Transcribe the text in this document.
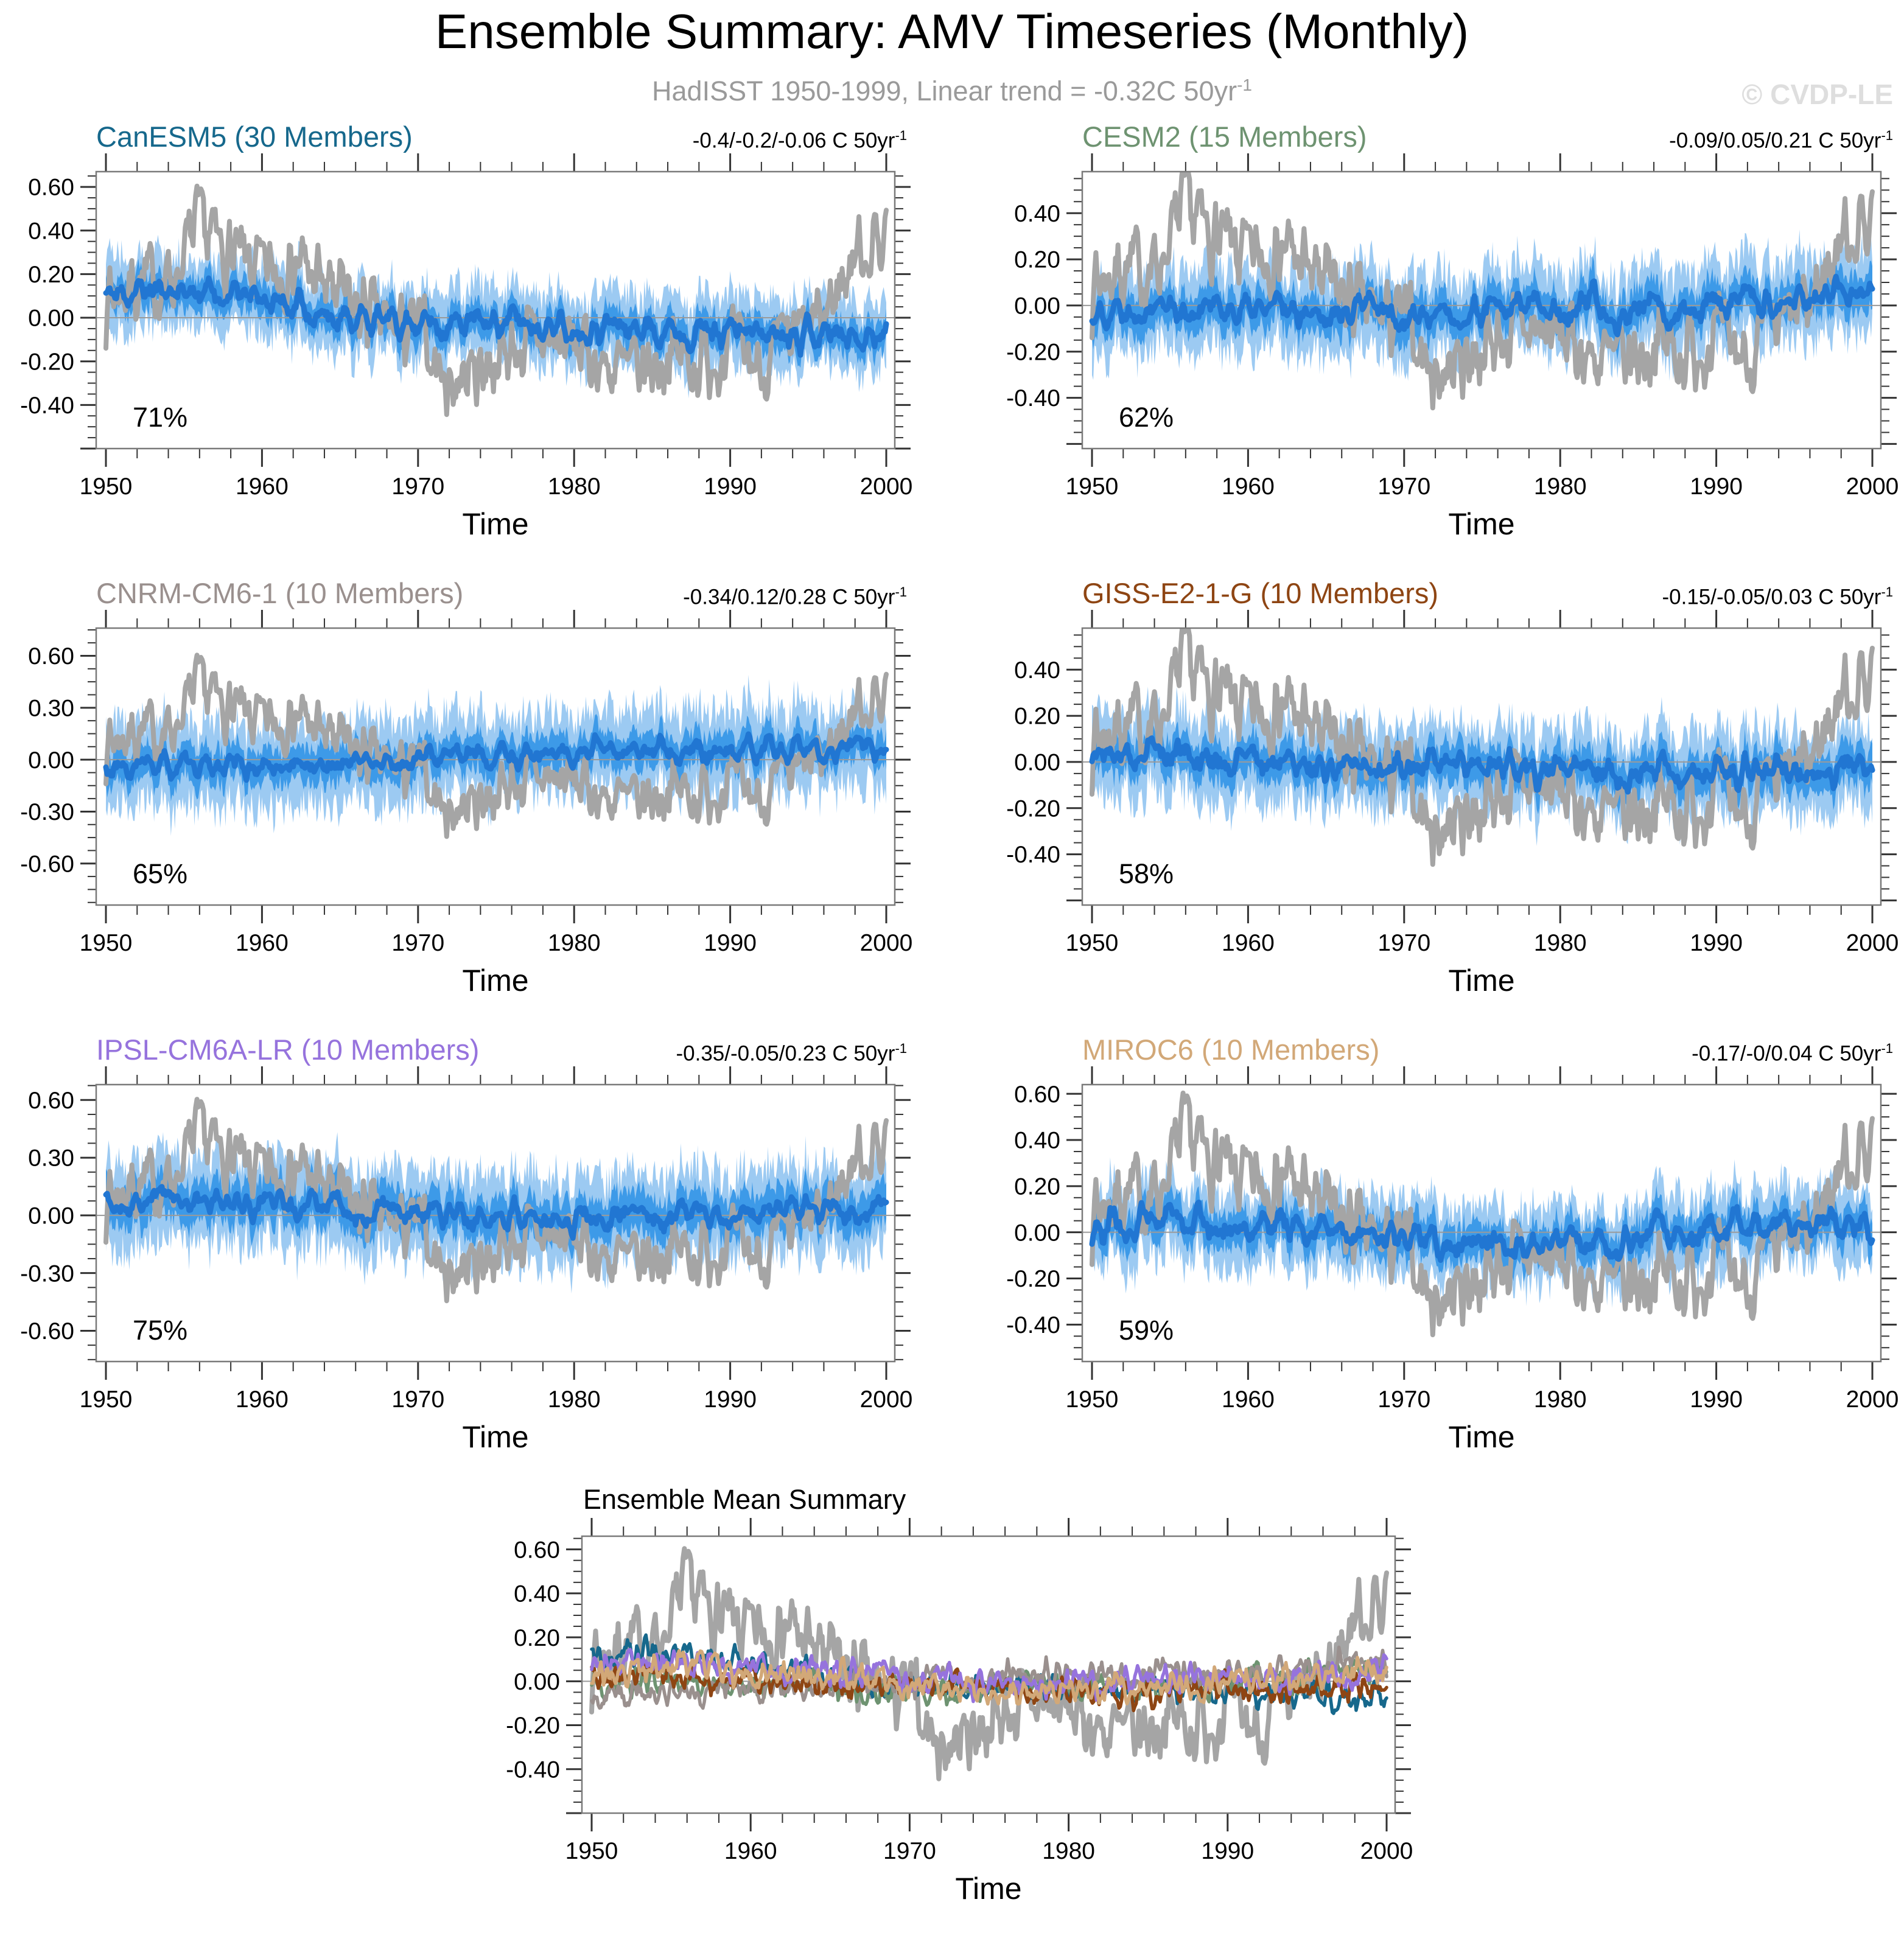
Ensemble Summary: AMV Timeseries (Monthly)
HadISST 1950-1999, Linear trend = -0.32C $50yr^{-1}$	© CVDP-LE
CanESM5 (30 Members)	-0.4/-0.2/-0.06 C $50yr^{-1}$
0.60
0.40
0.20
0.00
-0.20
-0.40
1950	1960	1970	1980	1990	2000
71%
Time
CESM2 (15 Members)	-0.09/0.05/0.21 C $50yr^{-1}$
0.40
0.20
0.00
-0.20
-0.40
1950	1960	1970	1980	1990	2000
62%
Time
CNRM-CM6-1 (10 Members)	-0.34/0.12/0.28 C $50yr^{-1}$
0.60
0.30
0.00
-0.30
-0.60
1950	1960	1970	1980	1990	2000
65%
Time
GISS-E2-1-G (10 Members)	-0.15/-0.05/0.03 C $50yr^{-1}$
0.40
0.20
0.00
-0.20
-0.40
1950	1960	1970	1980	1990	2000
58%
Time
IPSL-CM6A-LR (10 Members)	-0.35/-0.05/0.23 C $50yr^{-1}$
0.60
0.30
0.00
-0.30
-0.60
1950	1960	1970	1980	1990	2000
75%
Time
MIROC6 (10 Members)	-0.17/-0/0.04 C $50yr^{-1}$
0.60
0.40
0.20
0.00
-0.20
-0.40
1950	1960	1970	1980	1990	2000
59%
Time
Ensemble Mean Summary
0.60
0.40
0.20
0.00
-0.20
-0.40
1950	1960	1970	1980	1990	2000
Time
